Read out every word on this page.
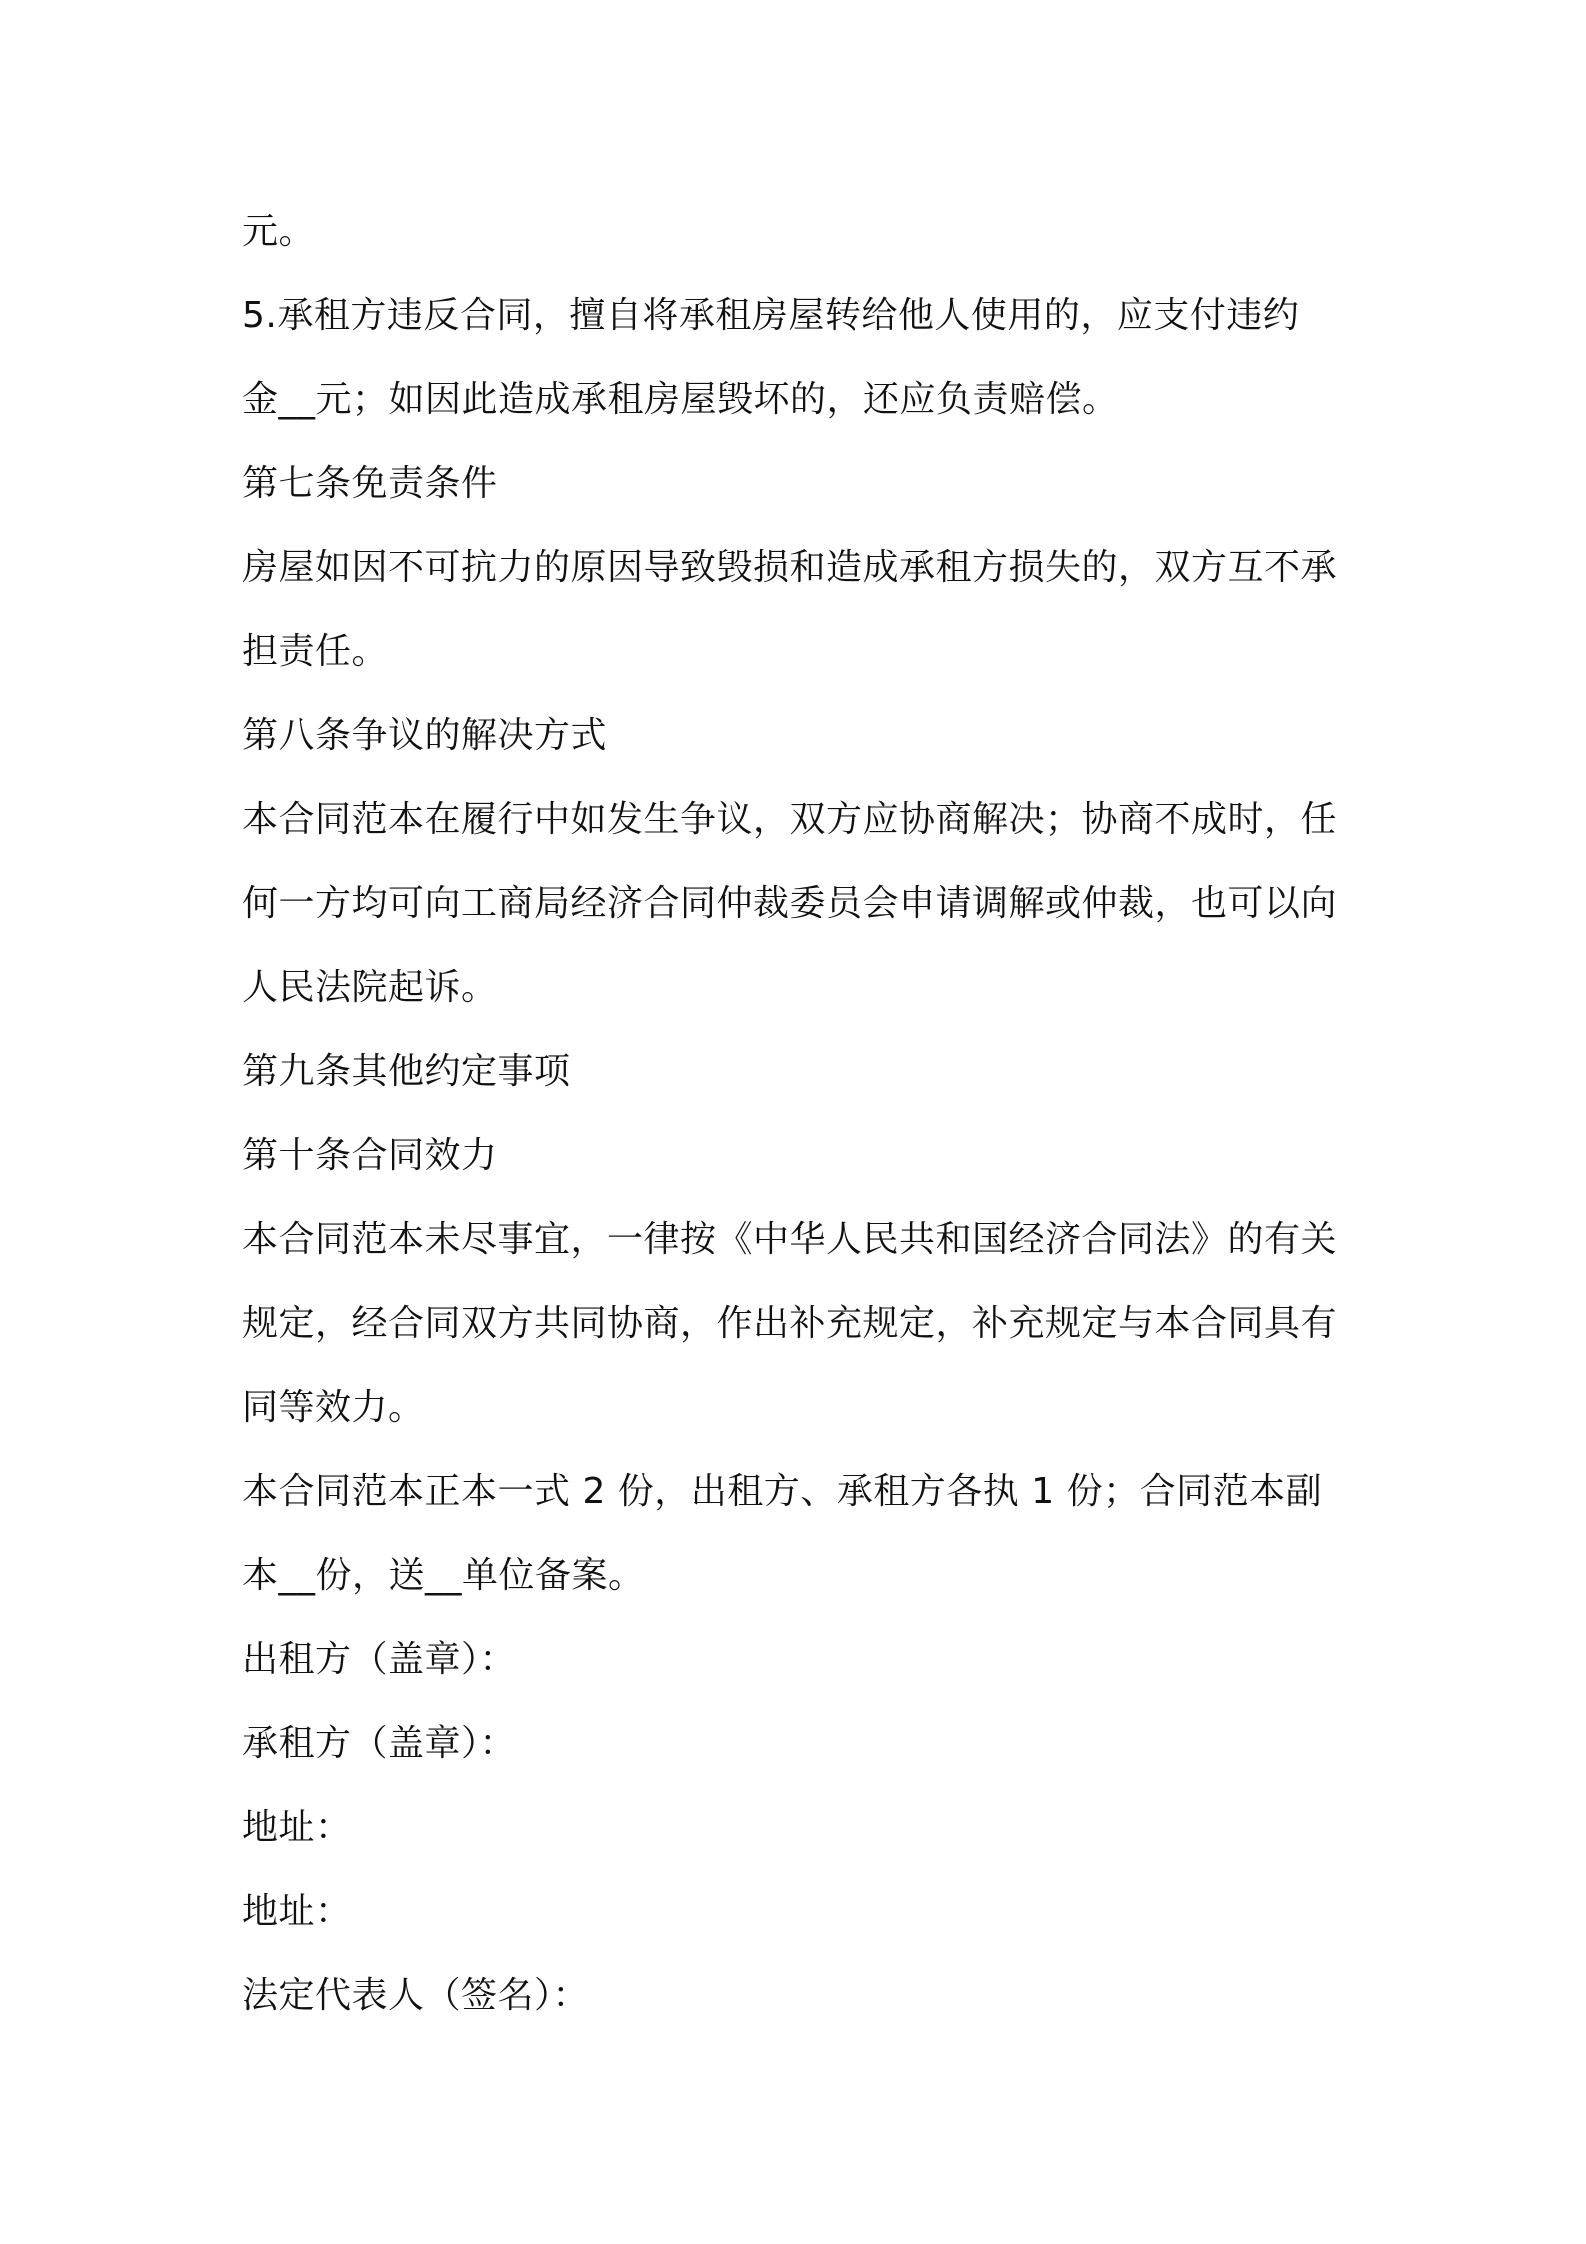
元。
5.承租方违反合同，擅自将承租房屋转给他人使用的，应支付违约
金__元；如因此造成承租房屋毁坏的，还应负责赔偿。
第七条免责条件
房屋如因不可抗力的原因导致毁损和造成承租方损失的，双方互不承
担责任。
第八条争议的解决方式
本合同范本在履行中如发生争议，双方应协商解决；协商不成时，任
何一方均可向工商局经济合同仲裁委员会申请调解或仲裁，也可以向
人民法院起诉。
第九条其他约定事项
第十条合同效力
本合同范本未尽事宜，一律按《中华人民共和国经济合同法》的有关
规定，经合同双方共同协商，作出补充规定，补充规定与本合同具有
同等效力。
本合同范本正本一式 2 份，出租方、承租方各执 1 份；合同范本副
本__份，送__单位备案。
出租方（盖章）：
承租方（盖章）：
地址：
地址：
法定代表人（签名）：
